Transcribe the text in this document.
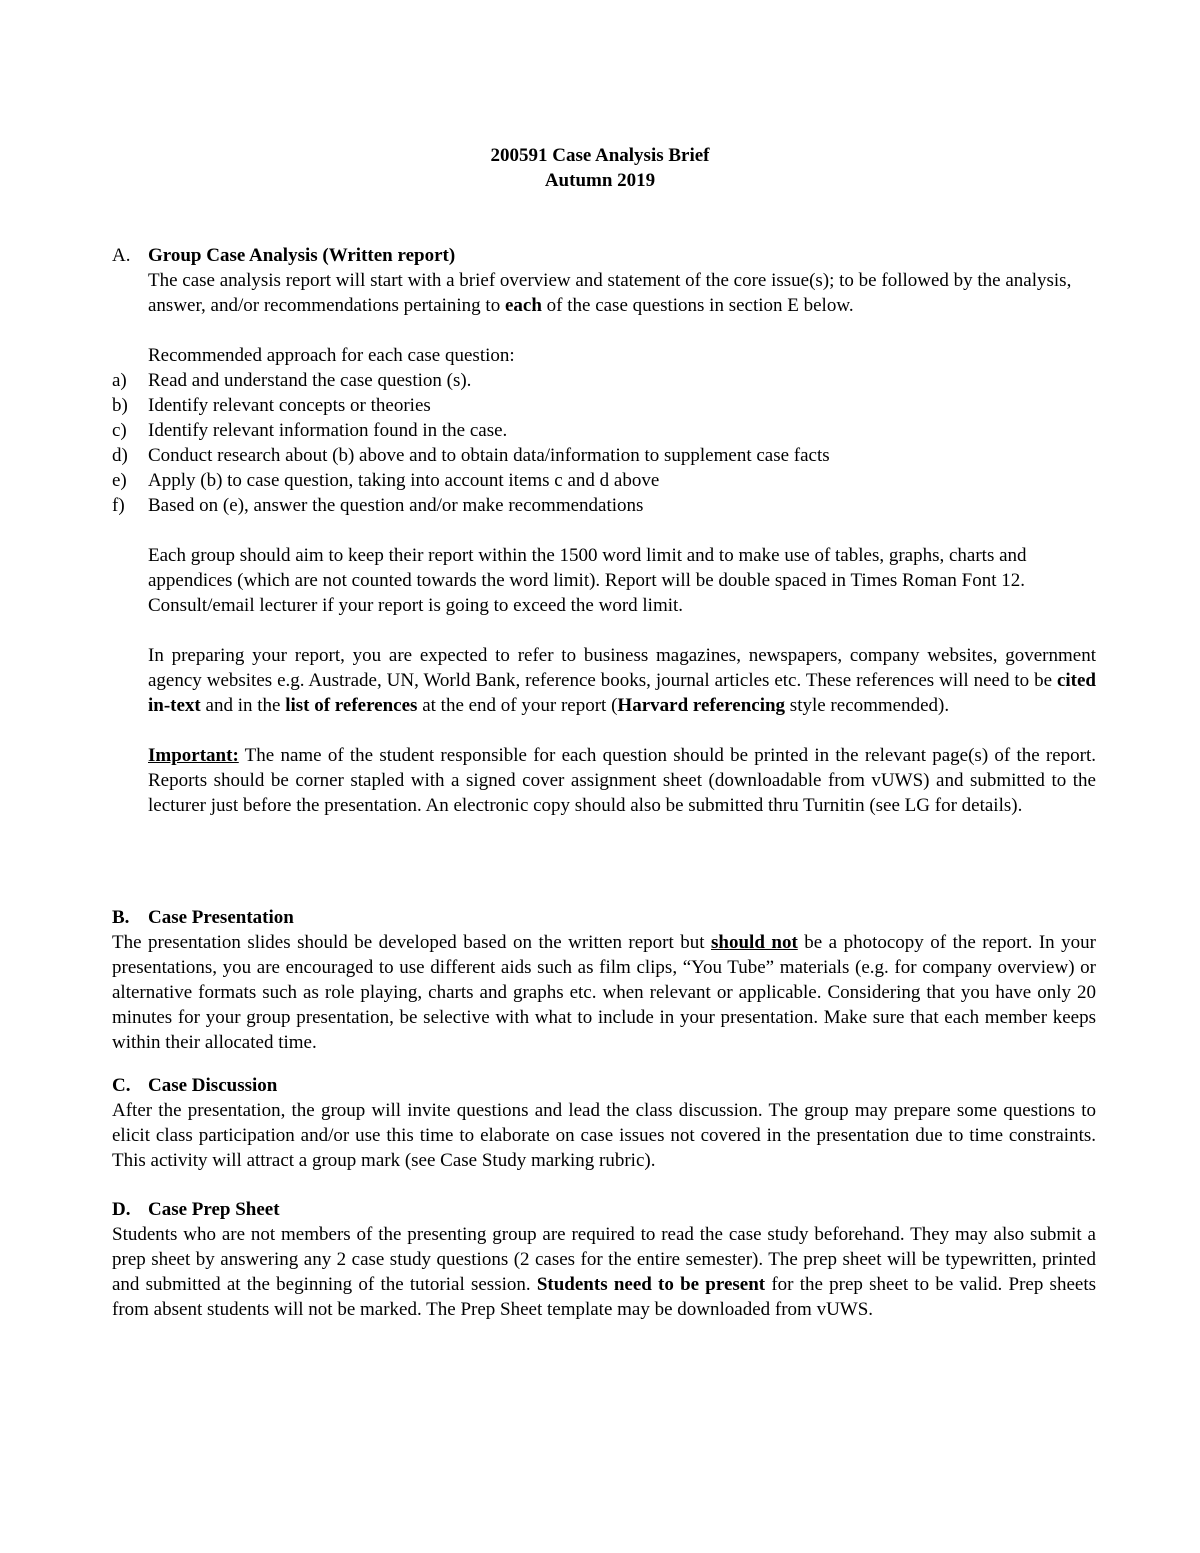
200591 Case Analysis Brief
Autumn 2019
A. Group Case Analysis (Written report)

The case analysis report will start with a brief overview and statement of the core issue(s); to be followed by the analysis, answer, and/or recommendations pertaining to each of the case questions in section E below.

Recommended approach for each case question:

a)	Read and understand the case question (s).
b)	Identify relevant concepts or theories
c)	Identify relevant information found in the case.
d)	Conduct research about (b) above and to obtain data/information to supplement case facts
e)	Apply (b) to case question, taking into account items c and d above
f)	Based on (e), answer the question and/or make recommendations

Each group should aim to keep their report within the 1500 word limit and to make use of tables, graphs, charts and appendices (which are not counted towards the word limit). Report will be double spaced in Times Roman Font 12. Consult/email lecturer if your report is going to exceed the word limit.

In preparing your report, you are expected to refer to business magazines, newspapers, company websites, government agency websites e.g. Austrade, UN, World Bank, reference books, journal articles etc. These references will need to be cited in-text and in the list of references at the end of your report (Harvard referencing style recommended).

Important: The name of the student responsible for each question should be printed in the relevant page(s) of the report. Reports should be corner stapled with a signed cover assignment sheet (downloadable from vUWS) and submitted to the lecturer just before the presentation. An electronic copy should also be submitted thru Turnitin (see LG for details).

B. Case Presentation

The presentation slides should be developed based on the written report but should not be a photocopy of the report. In your presentations, you are encouraged to use different aids such as film clips, “You Tube” materials (e.g. for company overview) or alternative formats such as role playing, charts and graphs etc. when relevant or applicable. Considering that you have only 20 minutes for your group presentation, be selective with what to include in your presentation. Make sure that each member keeps within their allocated time.

C. Case Discussion

After the presentation, the group will invite questions and lead the class discussion. The group may prepare some questions to elicit class participation and/or use this time to elaborate on case issues not covered in the presentation due to time constraints. This activity will attract a group mark (see Case Study marking rubric).

D. Case Prep Sheet

Students who are not members of the presenting group are required to read the case study beforehand. They may also submit a prep sheet by answering any 2 case study questions (2 cases for the entire semester). The prep sheet will be typewritten, printed and submitted at the beginning of the tutorial session. Students need to be present for the prep sheet to be valid. Prep sheets from absent students will not be marked. The Prep Sheet template may be downloaded from vUWS.
